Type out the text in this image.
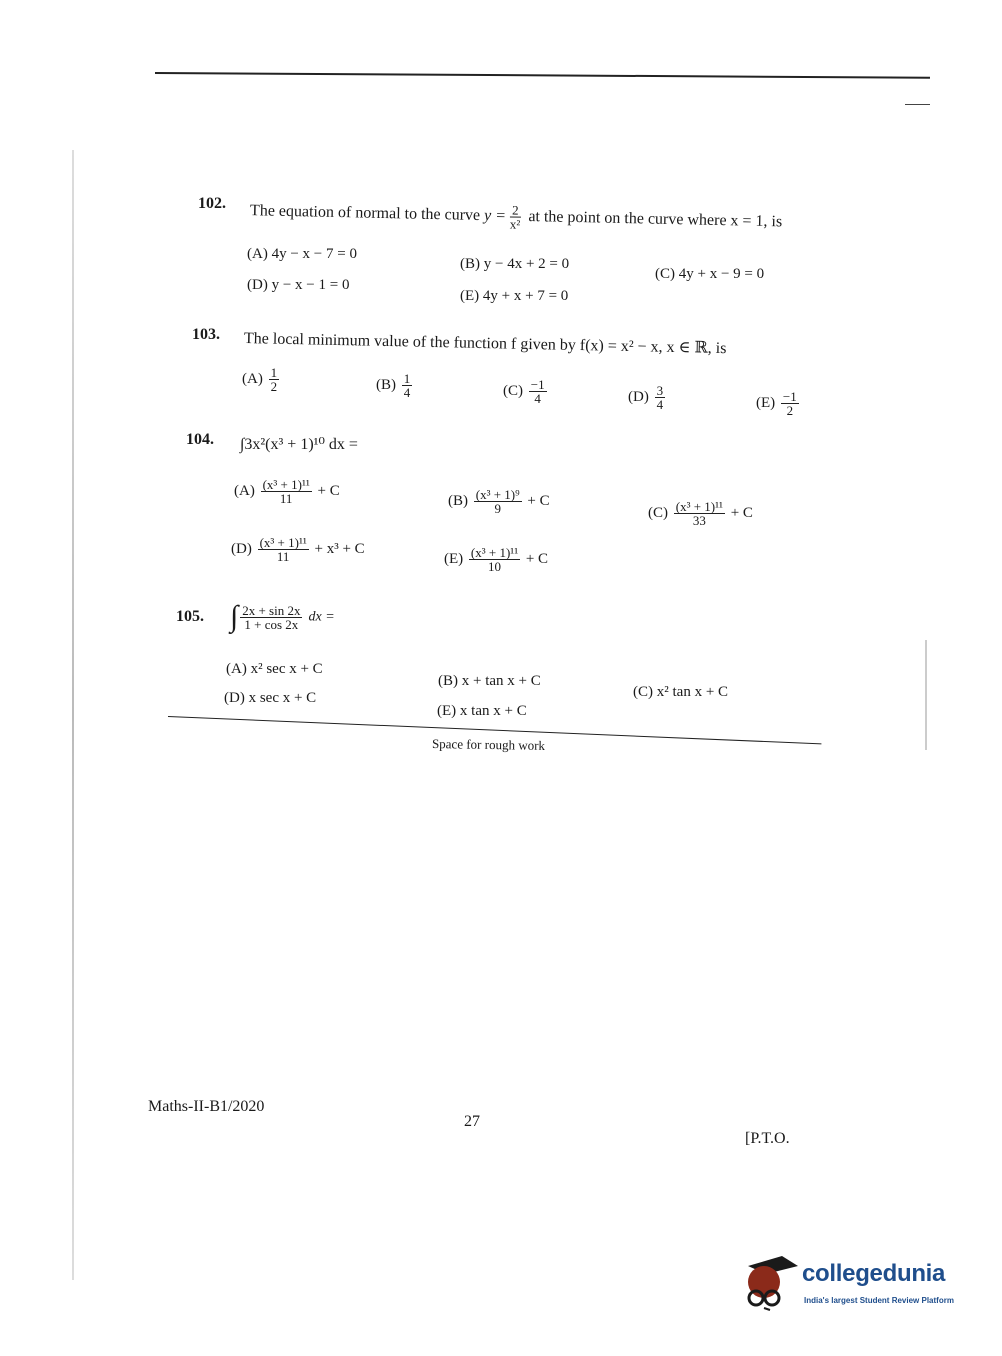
102. The equation of normal to the curve $y = \frac{2}{\text{x²}}$ at the point on the curve where x = 1, is
(A) 4y − x − 7 = 0
(B) y − 4x + 2 = 0
(C) 4y + x − 9 = 0
(D) y − x − 1 = 0
(E) 4y + x + 7 = 0
103. The local minimum value of the function f given by f(x) = x² − x, x ∈ ℝ, is
$(A) \frac{1}{2}$	$(B) \frac{1}{4}$	$(C) \frac{-1}{4}$	$(D) \frac{3}{4}$	$(E) \frac{-1}{2}$
104. ∫3x²(x³ + 1)¹⁰ dx =
$(A) \frac{\text{(x³ + 1)¹¹}}{11} + C$
$(B) \frac{\text{(x³ + 1)⁹}}{9} + C$
$(C) \frac{\text{(x³ + 1)¹¹}}{33} + C$
$(D) \frac{\text{(x³ + 1)¹¹}}{11} + x^3 + C$
$(E) \frac{\text{(x³ + 1)¹¹}}{10} + C$
105. ∫ $\frac{2x + \sin 2x}{1 + \cos 2x}$ dx =
(A) x² sec x + C
(B) x + tan x + C
(C) x² tan x + C
(D) x sec x + C
(E) x tan x + C
Space for rough work
Maths-II-B1/2020
27
[P.T.O.
collegedunia
India's largest Student Review Platform
